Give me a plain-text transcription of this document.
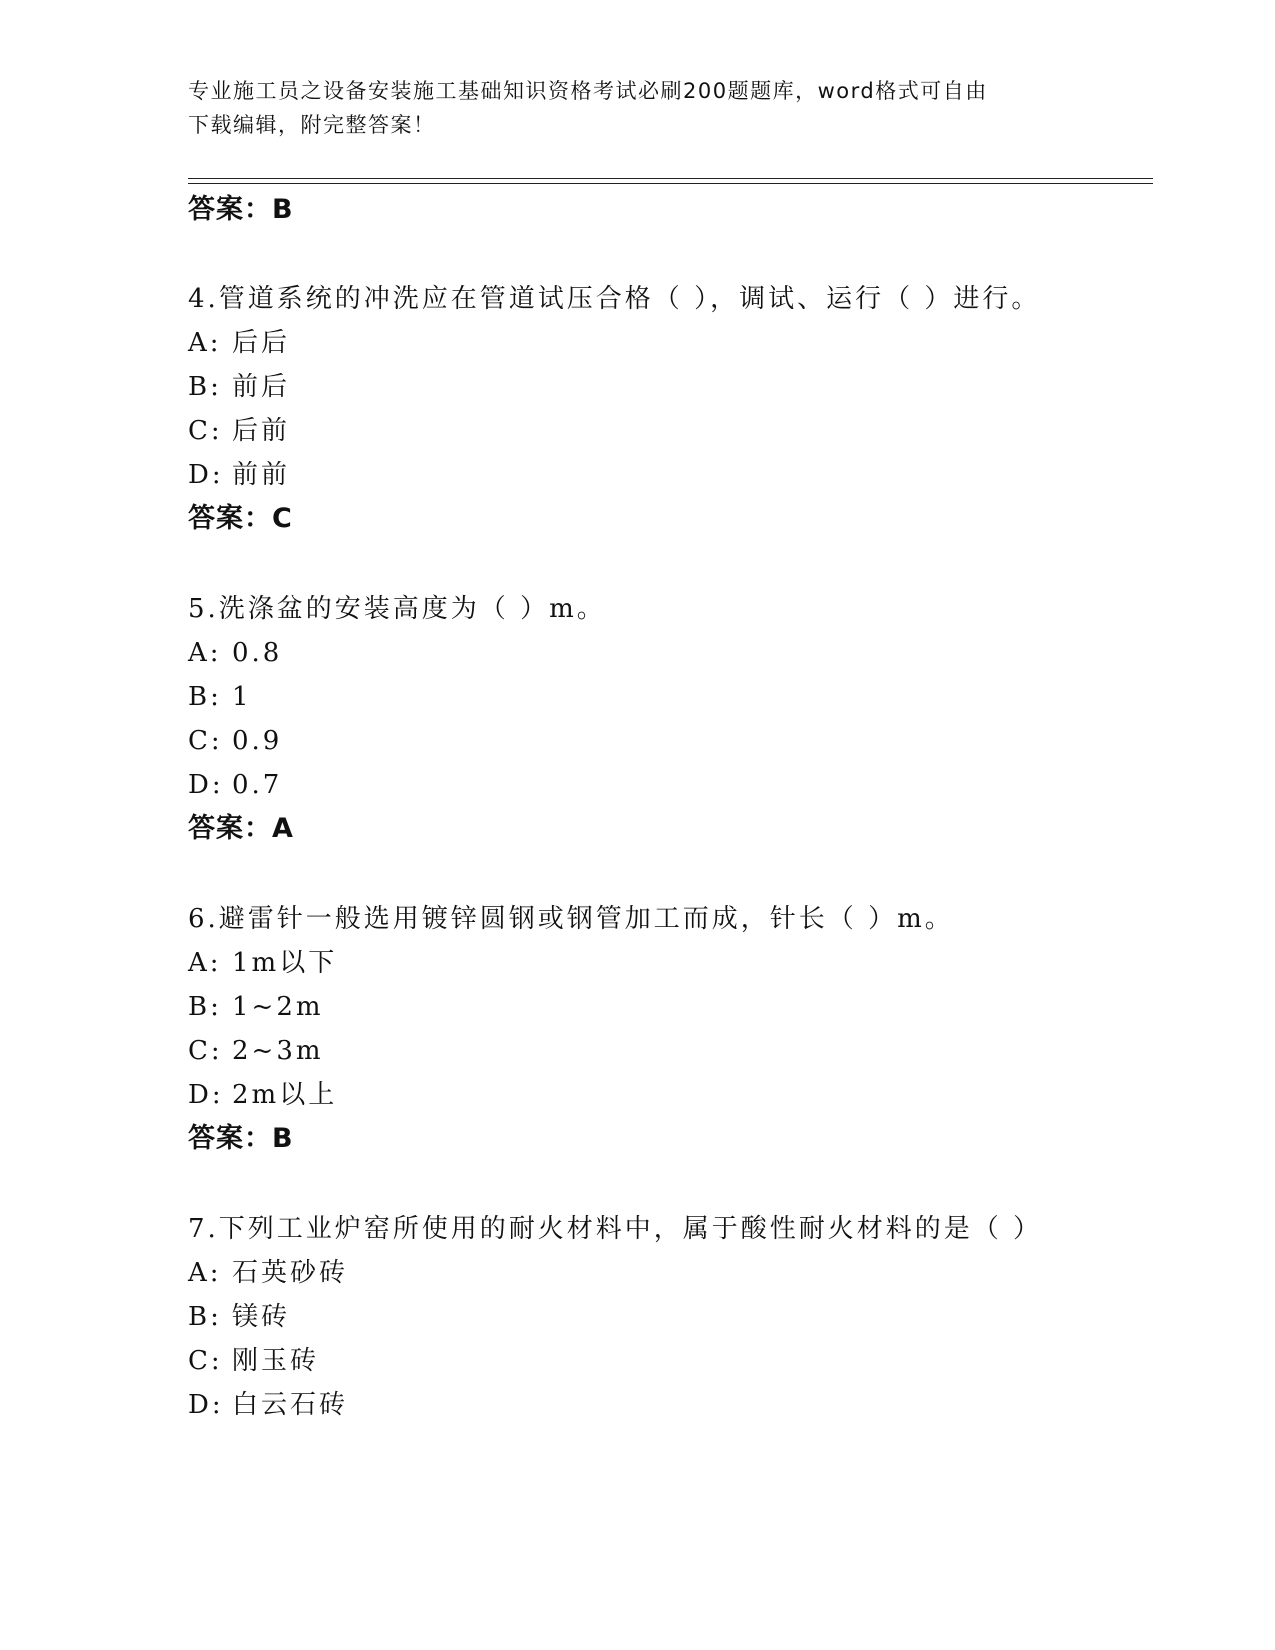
专业施工员之设备安装施工基础知识资格考试必刷200题题库，word格式可自由
下载编辑，附完整答案！
答案：B
4.管道系统的冲洗应在管道试压合格（ ），调试、运行（ ）进行。
A: 后后
B: 前后
C: 后前
D: 前前
答案：C
5.洗涤盆的安装高度为（ ）m。
A: 0.8
B: 1
C: 0.9
D: 0.7
答案：A
6.避雷针一般选用镀锌圆钢或钢管加工而成，针长（ ）m。
A: 1m以下
B: 1~2m
C: 2~3m
D: 2m以上
答案：B
7.下列工业炉窑所使用的耐火材料中，属于酸性耐火材料的是（ ）
A: 石英砂砖
B: 镁砖
C: 刚玉砖
D: 白云石砖
